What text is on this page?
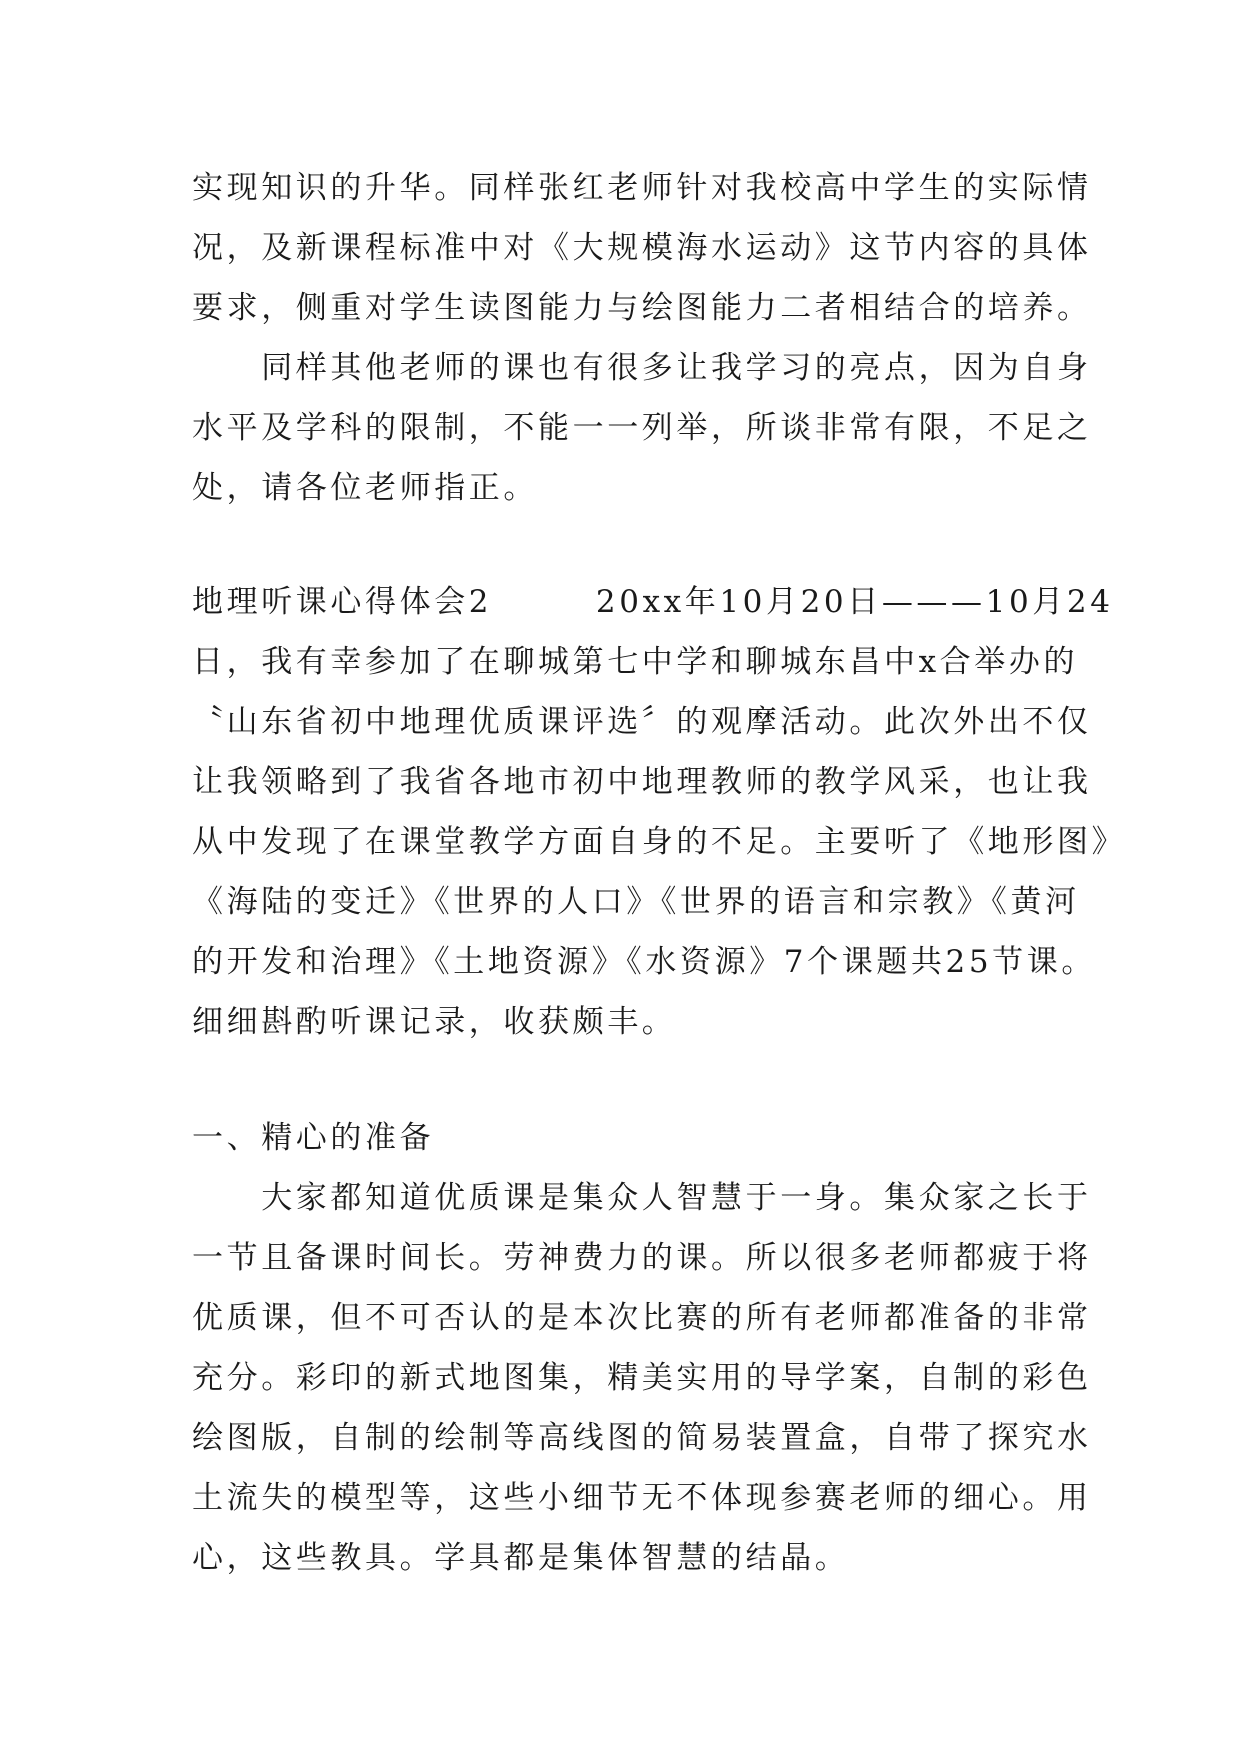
实现知识的升华。同样张红老师针对我校高中学生的实际情
况，及新课程标准中对《大规模海水运动》这节内容的具体
要求，侧重对学生读图能力与绘图能力二者相结合的培养。
　　同样其他老师的课也有很多让我学习的亮点，因为自身
水平及学科的限制，不能一一列举，所谈非常有限，不足之
处，请各位老师指正。
地理听课心得体会2　　　20xx年10月20日———10月24
日，我有幸参加了在聊城第七中学和聊城东昌中x合举办的
〝山东省初中地理优质课评选〞的观摩活动。此次外出不仅
让我领略到了我省各地市初中地理教师的教学风采，也让我
从中发现了在课堂教学方面自身的不足。主要听了《地形图》
《海陆的变迁》《世界的人口》《世界的语言和宗教》《黄河
的开发和治理》《土地资源》《水资源》7个课题共25节课。
细细斟酌听课记录，收获颇丰。
一、精心的准备
　　大家都知道优质课是集众人智慧于一身。集众家之长于
一节且备课时间长。劳神费力的课。所以很多老师都疲于将
优质课，但不可否认的是本次比赛的所有老师都准备的非常
充分。彩印的新式地图集，精美实用的导学案，自制的彩色
绘图版，自制的绘制等高线图的简易装置盒，自带了探究水
土流失的模型等，这些小细节无不体现参赛老师的细心。用
心，这些教具。学具都是集体智慧的结晶。
